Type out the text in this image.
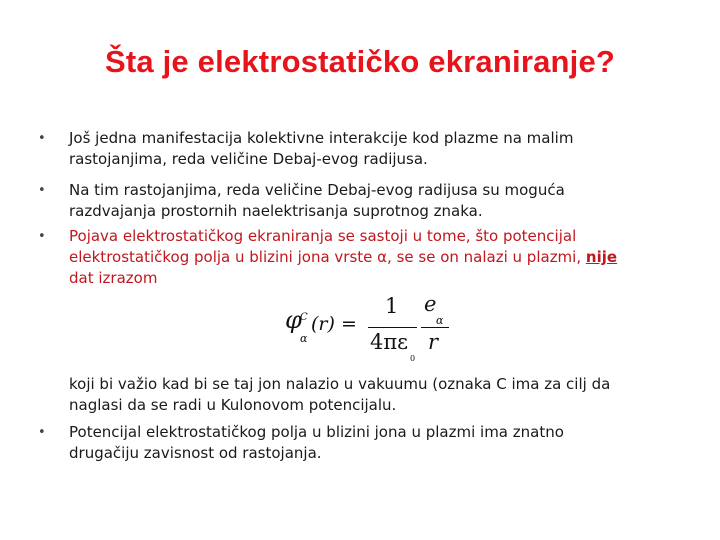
Šta je elektrostatičko ekraniranje?
• Još jedna manifestacija kolektivne interakcije kod plazme na malim
rastojanjima, reda veličine Debaj-evog radijusa.
• Na tim rastojanjima, reda veličine Debaj-evog radijusa su moguća
razdvajanja prostornih naelektrisanja suprotnog znaka.
• Pojava elektrostatičkog ekraniranja se sastoji u tome, što potencijal
elektrostatičkog polja u blizini jona vrste α, se se on nalazi u plazmi, nije
dat izrazom
φ
C
α
(r) =
1
4πε
0
e
α
r
koji bi važio kad bi se taj jon nalazio u vakuumu (oznaka C ima za cilj da
naglasi da se radi u Kulonovom potencijalu.
• Potencijal elektrostatičkog polja u blizini jona u plazmi ima znatno
drugačiju zavisnost od rastojanja.
